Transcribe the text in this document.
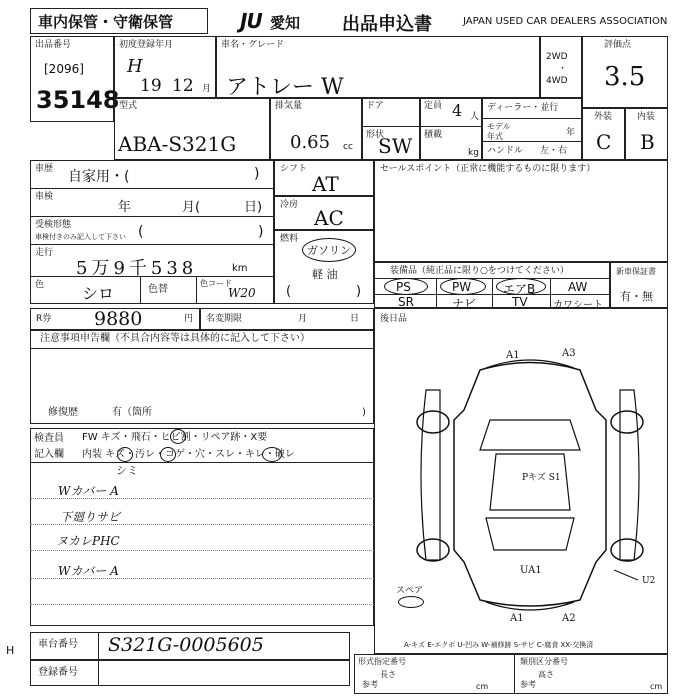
車内保管・守衛保管	JU 愛知 出品申込書	JAPAN USED CAR DEALERS ASSOCIATION
出品番号
[2096]
35148
初度登録年月
H
19 12 月
車名・グレード
アトレー W
2WD
・
4WD
評価点
3.5
型式
ABA-S321G
排気量
0.65 cc
ドア
形状
SW
定員 4 人
積載
kg
ディーラー・並行
モデル年式	年
ハンドル 左・右
外装
C
内装
B
車歴 自家用・(	)
車検
年	月(	日)
受検形態
車検付きのみ記入して下さい (	)
走行
5万9千538	km
色 シロ	色替
色コード
W20
シフト
AT
冷房
AC
燃料
ガソリン
軽 油
(	)
セールスポイント（正常に機能するものに限ります）
装備品（純正品に限り○をつけてください）
PS	PW	エアB	AW
SR	ナビ	TV	カワシート
新車保証書
有・無
R券 9880	円 名変期限	月	日
注意事項申告欄（不具合内容等は具体的に記入して下さい）
修復歴	有（箇所	)
検査員
記入欄
FW キズ・飛石・ヒビ割・リペア跡・X要
内装 キズ・汚レ・コゲ・穴・スレ・キレ・破レ
シミ
Wカバー A
下廻りサビ
ヌカレPHC
Wカバー A
後日品
A1	A3
Pキズ S1
UA1
U2
A1	A2
スペア
A-キズ E-エクボ U-凹み W-補修跡 S-サビ C-腐食 XX-交換済
車台番号 S321G-0005605
登録番号
H
形式指定番号
長さ
参考	cm
類別区分番号
高さ
参考	cm
